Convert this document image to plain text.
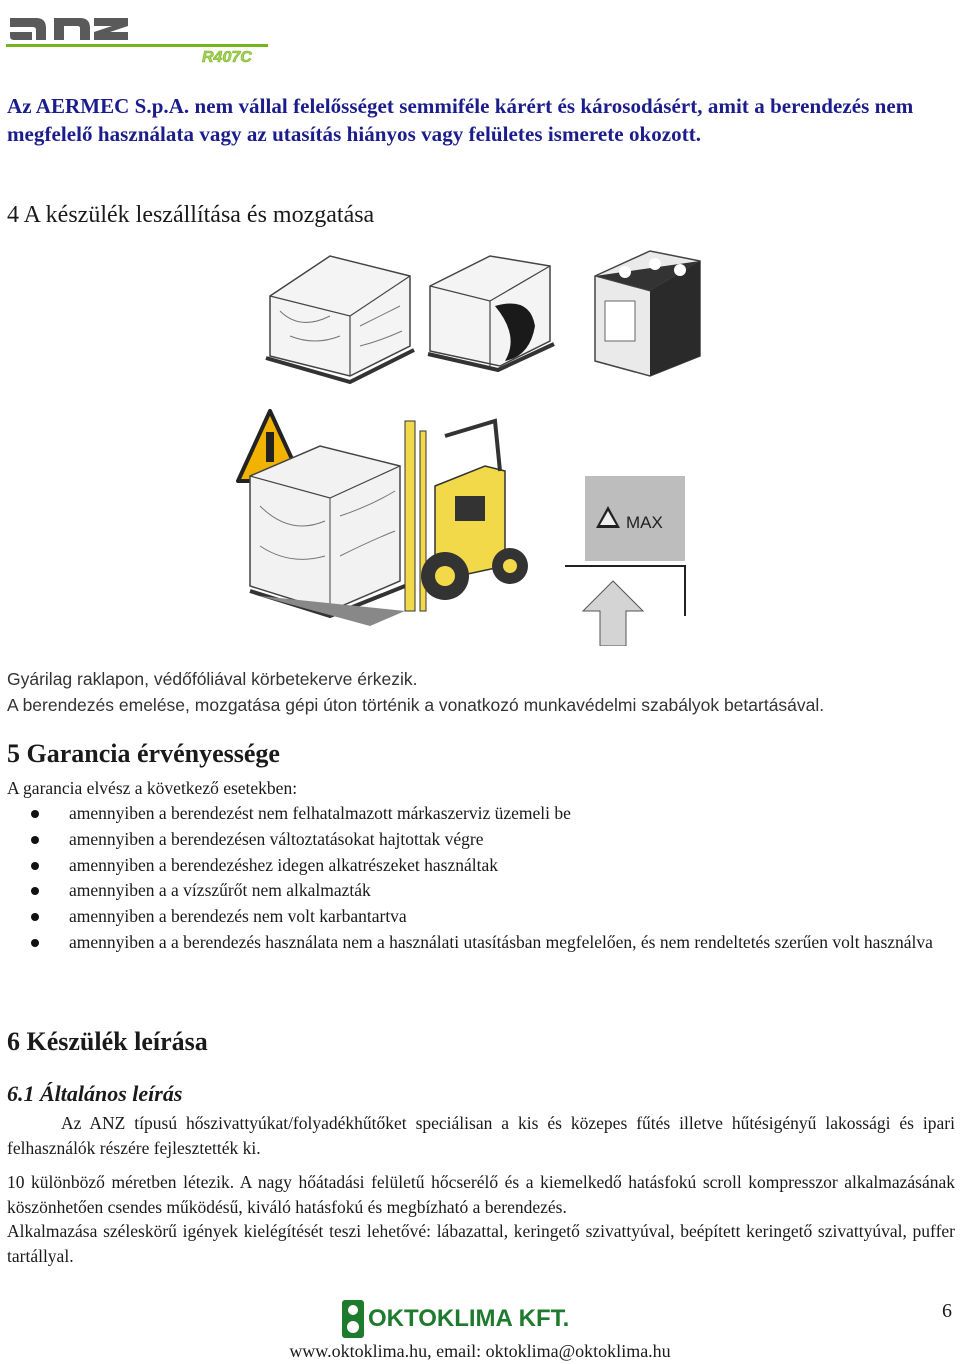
R407C
Az AERMEC S.p.A. nem vállal felelősséget semmiféle kárért és károsodásért, amit a berendezés nem megfelelő használata vagy az utasítás hiányos vagy felületes ismerete okozott.
4 A készülék leszállítása és mozgatása
MAX
Gyárilag raklapon, védőfóliával körbetekerve érkezik.
A berendezés emelése, mozgatása gépi úton történik a vonatkozó munkavédelmi szabályok betartásával.
5 Garancia érvényessége
A garancia elvész a következő esetekben:
amennyiben a berendezést nem felhatalmazott márkaszerviz üzemeli be
amennyiben a berendezésen változtatásokat hajtottak végre
amennyiben a berendezéshez idegen alkatrészeket használtak
amennyiben a a vízszűrőt nem alkalmazták
amennyiben a berendezés nem volt karbantartva
amennyiben a a berendezés használata nem a használati utasításban megfelelően, és nem rendeltetés szerűen volt használva
6 Készülék leírása
6.1 Általános leírás
Az ANZ típusú hőszivattyúkat/folyadékhűtőket speciálisan a kis és közepes fűtés illetve hűtésigényű lakossági és ipari felhasználók részére fejlesztették ki.
10 különböző méretben létezik. A nagy hőátadási felületű hőcserélő és a kiemelkedő hatásfokú scroll kompresszor alkalmazásának köszönhetően csendes működésű, kiváló hatásfokú és megbízható a berendezés.
Alkalmazása széleskörű igények kielégítését teszi lehetővé: lábazattal, keringető szivattyúval, beépített keringető szivattyúval, puffer tartállyal.
OKTOKLIMA KFT.	6
www.oktoklima.hu, email: oktoklima@oktoklima.hu
